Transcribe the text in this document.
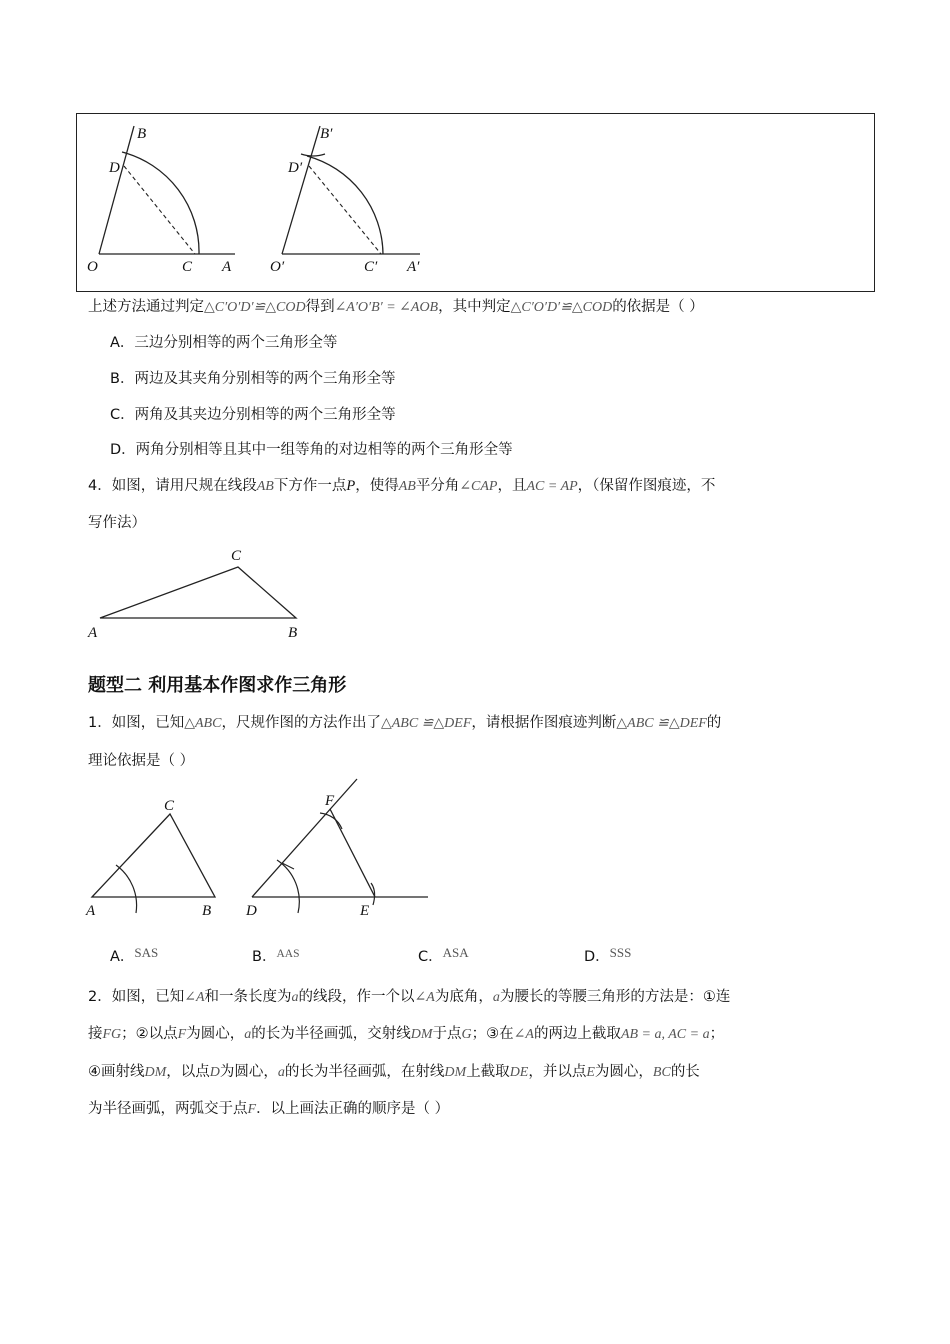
B
D
O	C A
B′
D′
O′	C′ A′
上述方法通过判定△C′O′D′≌△COD得到∠A′O′B′ = ∠AOB，其中判定△C′O′D′≌△COD的依据是（ ）
A．三边分别相等的两个三角形全等
B．两边及其夹角分别相等的两个三角形全等
C．两角及其夹边分别相等的两个三角形全等
D．两角分别相等且其中一组等角的对边相等的两个三角形全等
4．如图，请用尺规在线段AB下方作一点P，使得AB平分角∠CAP，且AC = AP，（保留作图痕迹，不
写作法）
C
A	B
题型二 利用基本作图求作三角形
1．如图，已知△ABC，尺规作图的方法作出了△ABC ≌△DEF，请根据作图痕迹判断△ABC ≌△DEF的
理论依据是（ ）
C
A	B
F
D	E
A．SAS	B．$^{AAS}$	C．ASA	D．SSS
2．如图，已知∠A和一条长度为a的线段，作一个以∠A为底角，a为腰长的等腰三角形的方法是：①连
接FG；②以点F为圆心，a的长为半径画弧，交射线DM于点G；③在∠A的两边上截取AB = a, AC = a；
④画射线DM，以点D为圆心，a的长为半径画弧，在射线DM上截取DE，并以点E为圆心，BC的长
为半径画弧，两弧交于点F．以上画法正确的顺序是（ ）
